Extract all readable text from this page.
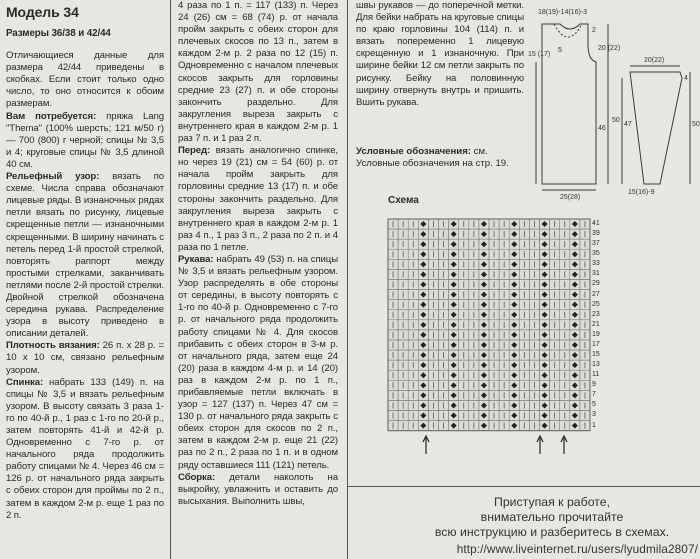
Модель 34

Размеры 36/38 и 42/44

Отличающиеся данные для размера 42/44 приведены в скобках. Если стоит только одно число, то оно относится к обоим размерам.

Вам потребуется: пряжа Lang "Thema" (100% шерсть; 121 м/50 г) — 700 (800) г черной; спицы № 3,5 и 4; круговые спицы № 3,5 длиной 40 см.

Рельефный узор: вязать по схеме. Числа справа обозначают лицевые ряды. В изнаночных рядах петли вязать по рисунку, лицевые скрещенные петли — изнаночными скрещенными. В ширину начинать с петель перед 1-й простой стрелкой, повторять раппорт между простыми стрелками, заканчивать петлями после 2-й простой стрелки. Двойной стрелкой обозначена середина рукава. Распределение узора в высоту приведено в описании деталей.

Плотность вязания: 26 п. x 28 р. = 10 x 10 см, связано рельефным узором.

Спинка: набрать 133 (149) п. на спицы № 3,5 и вязать рельефным узором. В высоту связать 3 раза 1-го по 40-й р., 1 раз с 1-го по 20-й р., затем повторять 41-й и 42-й р. Одновременно с 7-го р. от начального ряда продолжить работу спицами № 4. Через 46 см = 126 р. от начального ряда закрыть с обеих сторон для проймы по 2 п., затем в каждом 2-м р. еще 1 раз по 2 п.

4 раза по 1 п. = 117 (133) п. Через 24 (26) см = 68 (74) р. от начала пройм закрыть с обеих сторон для плечевых скосов по 13 п., затем в каждом 2-м р. 2 раза по 12 (15) п. Одновременно с началом плечевых скосов закрыть для горловины средние 23 (27) п. и обе стороны закончить раздельно. Для закругления выреза закрыть с внутреннего края в каждом 2-м р. 1 раз 7 п. и 1 раз 2 п.

Перед: вязать аналогично спинке, но через 19 (21) см = 54 (60) р. от начала пройм закрыть для горловины средние 13 (17) п. и обе стороны закончить раздельно. Для закругления выреза закрыть с внутреннего края в каждом 2-м р. 1 раз 4 п., 1 раз 3 п., 2 раза по 2 п. и 4 раза по 1 петле.

Рукава: набрать 49 (53) п. на спицы № 3,5 и вязать рельефным узором. Узор распределять в обе стороны от середины, в высоту повторять с 1-го по 40-й р. Одновременно с 7-го р. от начального ряда продолжить работу спицами № 4. Для скосов прибавить с обеих сторон в 3-м р. от начального ряда, затем еще 24 (20) раза в каждом 4-м р. и 14 (20) раз в каждом 2-м р. по 1 п., прибавляемые петли включать в узор = 127 (137) п. Через 47 см = 130 р. от начального ряда закрыть с обеих сторон для скосов по 2 п., затем в каждом 2-м р. еще 21 (22) раз по 2 п., 2 раза по 1 п. и в одном ряду оставшиеся 111 (121) петель.

Сборка: детали наколоть на выкройку, увлажнить и оставить до высыхания. Выполнить швы,

швы рукавов — до поперечной метки. Для бейки набрать на круговые спицы по краю горловины 104 (114) п. и вязать попеременно 1 лицевую скрещенную и 1 изнаночную. При ширине бейки 12 см петли закрыть по рисунку. Бейку на половинную ширину отвернуть внутрь и пришить. Вшить рукава.

Условные обозначения: см. Условные обозначения на стр. 19.
18(19)-14(16)-3
2
20 (22)
15 (17)
50
46
25(28)
5
20(22)
4
50
47
15(16)-9
Схема
41
39
37
35
33
31
29
27
25
23
21
19
17
15
13
11
9
7
5
3
1
Приступая к работе,
внимательно прочитайте
всю инструкцию и разберитесь в схемах.
http://www.liveinternet.ru/users/lyudmila2807/
